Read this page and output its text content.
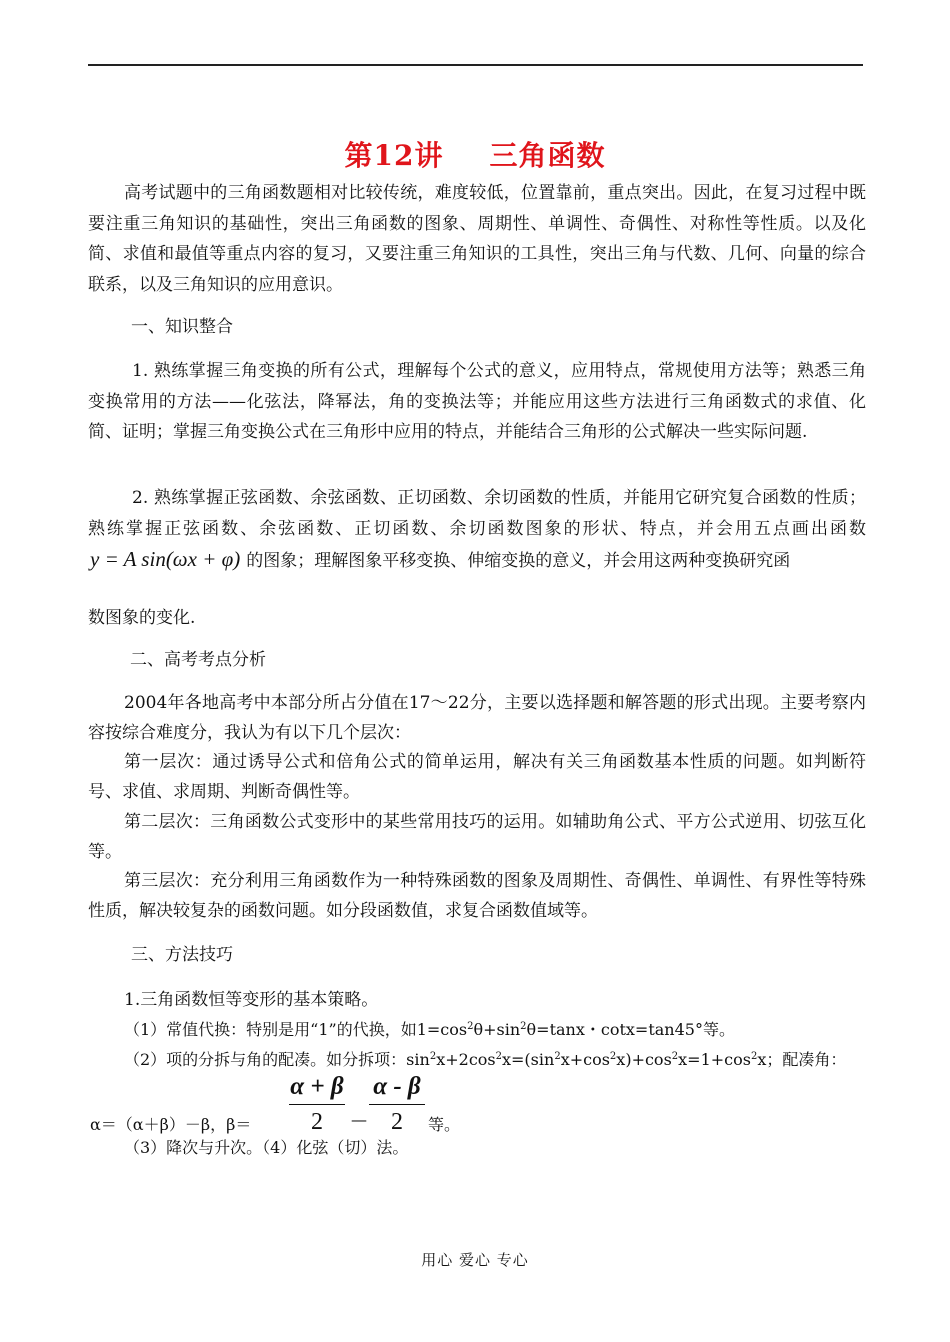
第12讲 三角函数
高考试题中的三角函数题相对比较传统，难度较低，位置靠前，重点突出。因此，在复习过程中既要注重三角知识的基础性，突出三角函数的图象、周期性、单调性、奇偶性、对称性等性质。以及化简、求值和最值等重点内容的复习，又要注重三角知识的工具性，突出三角与代数、几何、向量的综合联系，以及三角知识的应用意识。
一、知识整合
1. 熟练掌握三角变换的所有公式，理解每个公式的意义，应用特点，常规使用方法等；熟悉三角变换常用的方法——化弦法，降幂法，角的变换法等；并能应用这些方法进行三角函数式的求值、化简、证明；掌握三角变换公式在三角形中应用的特点，并能结合三角形的公式解决一些实际问题.
2. 熟练掌握正弦函数、余弦函数、正切函数、余切函数的性质，并能用它研究复合函数的性质；熟练掌握正弦函数、余弦函数、正切函数、余切函数图象的形状、特点，并会用五点画出函数y = A sin(ωx + φ) 的图象；理解图象平移变换、伸缩变换的意义，并会用这两种变换研究函
数图象的变化.
二、高考考点分析
2004年各地高考中本部分所占分值在17～22分，主要以选择题和解答题的形式出现。主要考察内容按综合难度分，我认为有以下几个层次：
第一层次：通过诱导公式和倍角公式的简单运用，解决有关三角函数基本性质的问题。如判断符号、求值、求周期、判断奇偶性等。
第二层次：三角函数公式变形中的某些常用技巧的运用。如辅助角公式、平方公式逆用、切弦互化等。
第三层次：充分利用三角函数作为一种特殊函数的图象及周期性、奇偶性、单调性、有界性等特殊性质，解决较复杂的函数问题。如分段函数值，求复合函数值域等。
三、方法技巧
1.三角函数恒等变形的基本策略。
（1）常值代换：特别是用“1”的代换，如$1=\cos^2\theta+\sin^2\theta=\tan x$・cotx=tan45°等。
（2）项的分拆与角的配凑。如分拆项：$\sin^2x+2\cos^2x=(\sin^2x+\cos^2x)+\cos^2x=1+\cos^2x$；配凑角：
α＝（α＋β）－β，β＝
α + β
2	—
α - β
2	等。
（3）降次与升次。（4）化弦（切）法。
用心 爱心 专心
